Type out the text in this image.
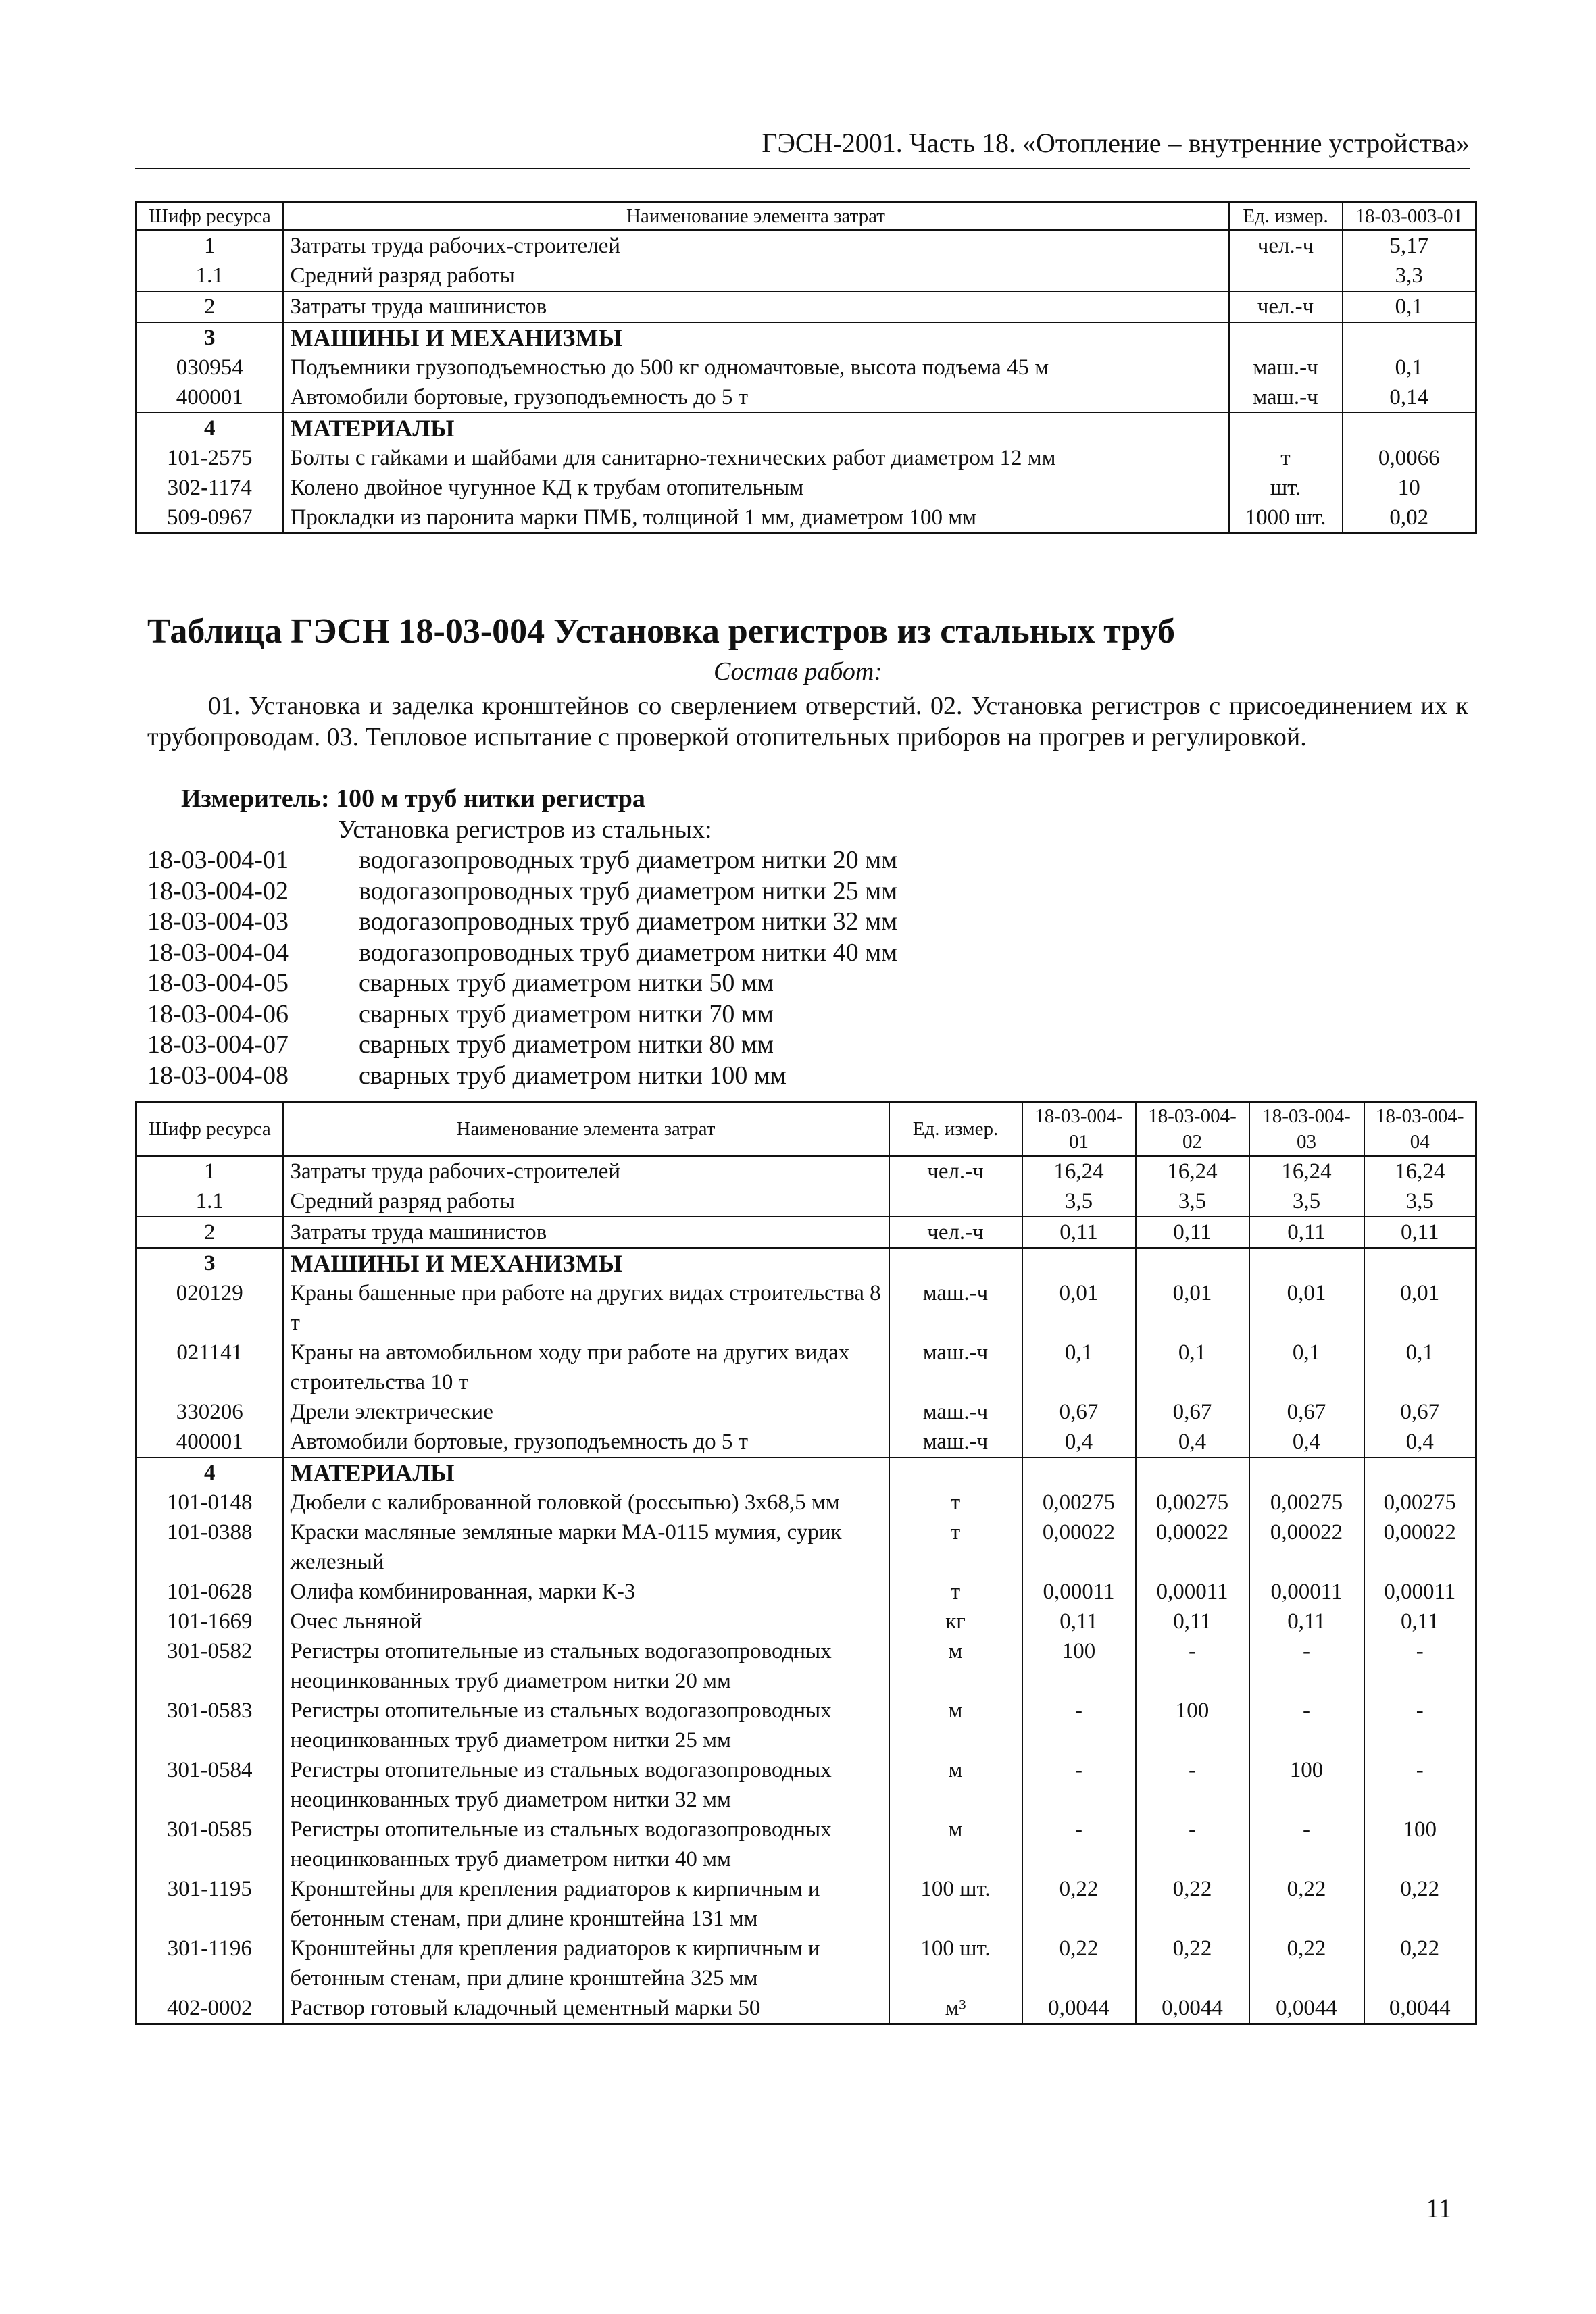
ГЭСН-2001. Часть 18. «Отопление – внутренние устройства»
Шифр ресурса	Наименование элемента затрат	Ед. измер.	18-03-003-01
1	Затраты труда рабочих-строителей	чел.-ч	5,17
1.1	Средний разряд работы		3,3
2	Затраты труда машинистов	чел.-ч	0,1
3	МАШИНЫ И МЕХАНИЗМЫ		
030954	Подъемники грузоподъемностью до 500 кг одномачтовые, высота подъема 45 м	маш.-ч	0,1
400001	Автомобили бортовые, грузоподъемность до 5 т	маш.-ч	0,14
4	МАТЕРИАЛЫ		
101-2575	Болты с гайками и шайбами для санитарно-технических работ диаметром 12 мм	т	0,0066
302-1174	Колено двойное чугунное КД к трубам отопительным	шт.	10
509-0967	Прокладки из паронита марки ПМБ, толщиной 1 мм, диаметром 100 мм	1000 шт.	0,02
Таблица ГЭСН 18-03-004 Установка регистров из стальных труб
Состав работ:
01. Установка и заделка кронштейнов со сверлением отверстий. 02. Установка регистров с присоединением их к трубопроводам. 03. Тепловое испытание с проверкой отопительных приборов на прогрев и регулировкой.
Измеритель: 100 м труб нитки регистра
Установка регистров из стальных:
18-03-004-01	водогазопроводных труб диаметром нитки 20 мм
18-03-004-02	водогазопроводных труб диаметром нитки 25 мм
18-03-004-03	водогазопроводных труб диаметром нитки 32 мм
18-03-004-04	водогазопроводных труб диаметром нитки 40 мм
18-03-004-05	сварных труб диаметром нитки 50 мм
18-03-004-06	сварных труб диаметром нитки 70 мм
18-03-004-07	сварных труб диаметром нитки 80 мм
18-03-004-08	сварных труб диаметром нитки 100 мм
Шифр ресурса	Наименование элемента затрат	Ед. измер.	18-03-004-01	18-03-004-02	18-03-004-03	18-03-004-04
1	Затраты труда рабочих-строителей	чел.-ч	16,24	16,24	16,24	16,24
1.1	Средний разряд работы		3,5	3,5	3,5	3,5
2	Затраты труда машинистов	чел.-ч	0,11	0,11	0,11	0,11
3	МАШИНЫ И МЕХАНИЗМЫ					
020129	Краны башенные при работе на других видах строительства 8 т	маш.-ч	0,01	0,01	0,01	0,01
021141	Краны на автомобильном ходу при работе на других видах строительства 10 т	маш.-ч	0,1	0,1	0,1	0,1
330206	Дрели электрические	маш.-ч	0,67	0,67	0,67	0,67
400001	Автомобили бортовые, грузоподъемность до 5 т	маш.-ч	0,4	0,4	0,4	0,4
4	МАТЕРИАЛЫ					
101-0148	Дюбели с калиброванной головкой (россыпью) 3х68,5 мм	т	0,00275	0,00275	0,00275	0,00275
101-0388	Краски масляные земляные марки МА-0115 мумия, сурик железный	т	0,00022	0,00022	0,00022	0,00022
101-0628	Олифа комбинированная, марки К-3	т	0,00011	0,00011	0,00011	0,00011
101-1669	Очес льняной	кг	0,11	0,11	0,11	0,11
301-0582	Регистры отопительные из стальных водогазопроводных неоцинкованных труб диаметром нитки 20 мм	м	100	-	-	-
301-0583	Регистры отопительные из стальных водогазопроводных неоцинкованных труб диаметром нитки 25 мм	м	-	100	-	-
301-0584	Регистры отопительные из стальных водогазопроводных неоцинкованных труб диаметром нитки 32 мм	м	-	-	100	-
301-0585	Регистры отопительные из стальных водогазопроводных неоцинкованных труб диаметром нитки 40 мм	м	-	-	-	100
301-1195	Кронштейны для крепления радиаторов к кирпичным и бетонным стенам, при длине кронштейна 131 мм	100 шт.	0,22	0,22	0,22	0,22
301-1196	Кронштейны для крепления радиаторов к кирпичным и бетонным стенам, при длине кронштейна 325 мм	100 шт.	0,22	0,22	0,22	0,22
402-0002	Раствор готовый кладочный цементный марки 50	м³	0,0044	0,0044	0,0044	0,0044
11
